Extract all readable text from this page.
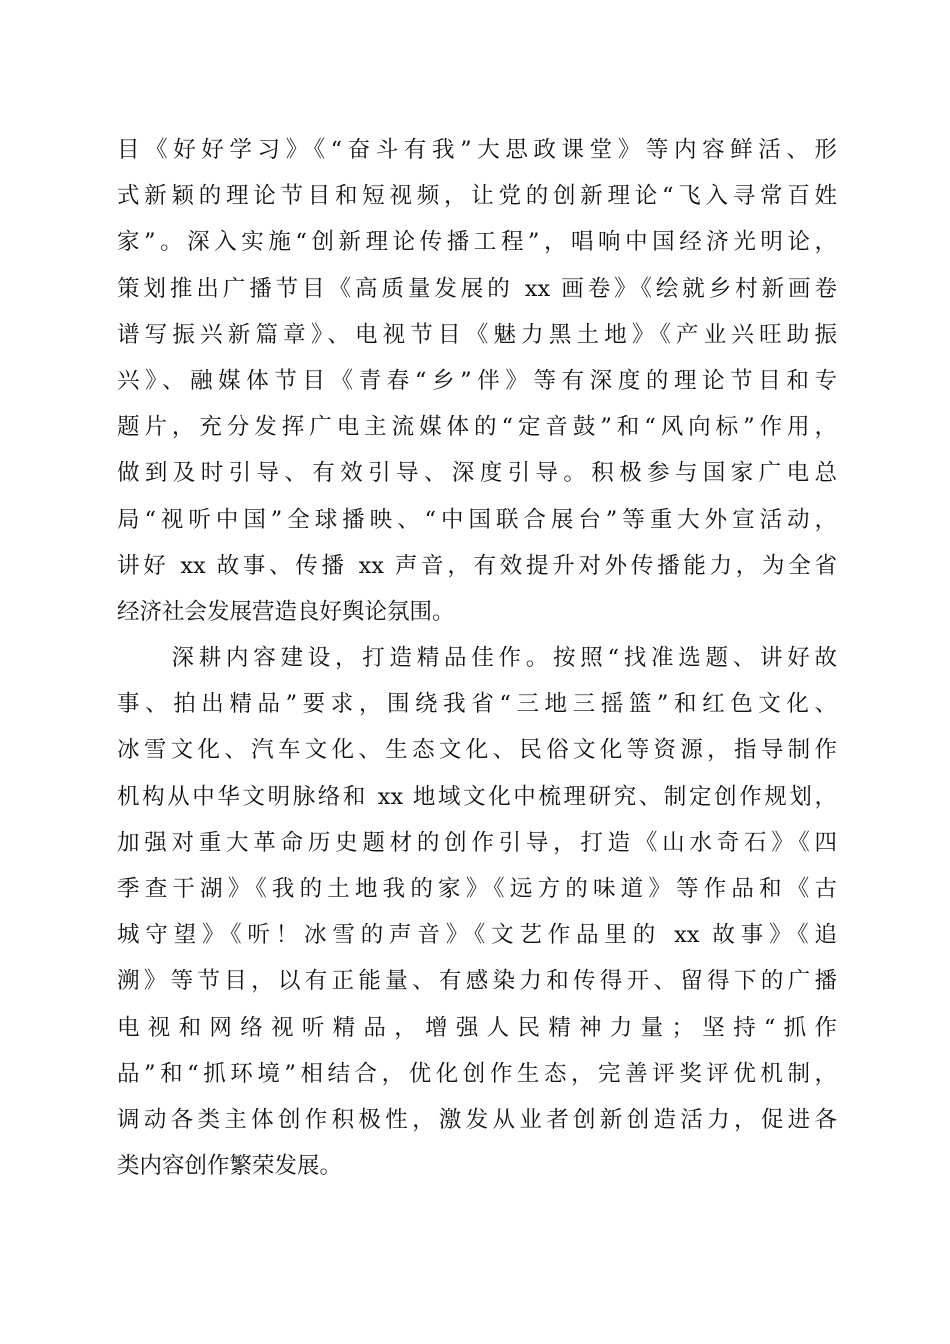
目《好好学习》《“奋斗有我”大思政课堂》等内容鲜活、形
式新颖的理论节目和短视频，让党的创新理论“飞入寻常百姓
家”。深入实施“创新理论传播工程”，唱响中国经济光明论，
策划推出广播节目《高质量发展的 xx 画卷》《绘就乡村新画卷
谱写振兴新篇章》、电视节目《魅力黑土地》《产业兴旺助振
兴》、融媒体节目《青春“乡”伴》等有深度的理论节目和专
题片，充分发挥广电主流媒体的“定音鼓”和“风向标”作用，
做到及时引导、有效引导、深度引导。积极参与国家广电总
局“视听中国”全球播映、“中国联合展台”等重大外宣活动，
讲好 xx 故事、传播 xx 声音，有效提升对外传播能力，为全省
经济社会发展营造良好舆论氛围。
　　深耕内容建设，打造精品佳作。按照“找准选题、讲好故
事、拍出精品”要求，围绕我省“三地三摇篮”和红色文化、
冰雪文化、汽车文化、生态文化、民俗文化等资源，指导制作
机构从中华文明脉络和 xx 地域文化中梳理研究、制定创作规划，
加强对重大革命历史题材的创作引导，打造《山水奇石》《四
季查干湖》《我的土地我的家》《远方的味道》等作品和《古
城守望》《听！冰雪的声音》《文艺作品里的 xx 故事》《追
溯》等节目，以有正能量、有感染力和传得开、留得下的广播
电视和网络视听精品，增强人民精神力量；坚持“抓作
品”和“抓环境”相结合，优化创作生态，完善评奖评优机制，
调动各类主体创作积极性，激发从业者创新创造活力，促进各
类内容创作繁荣发展。
